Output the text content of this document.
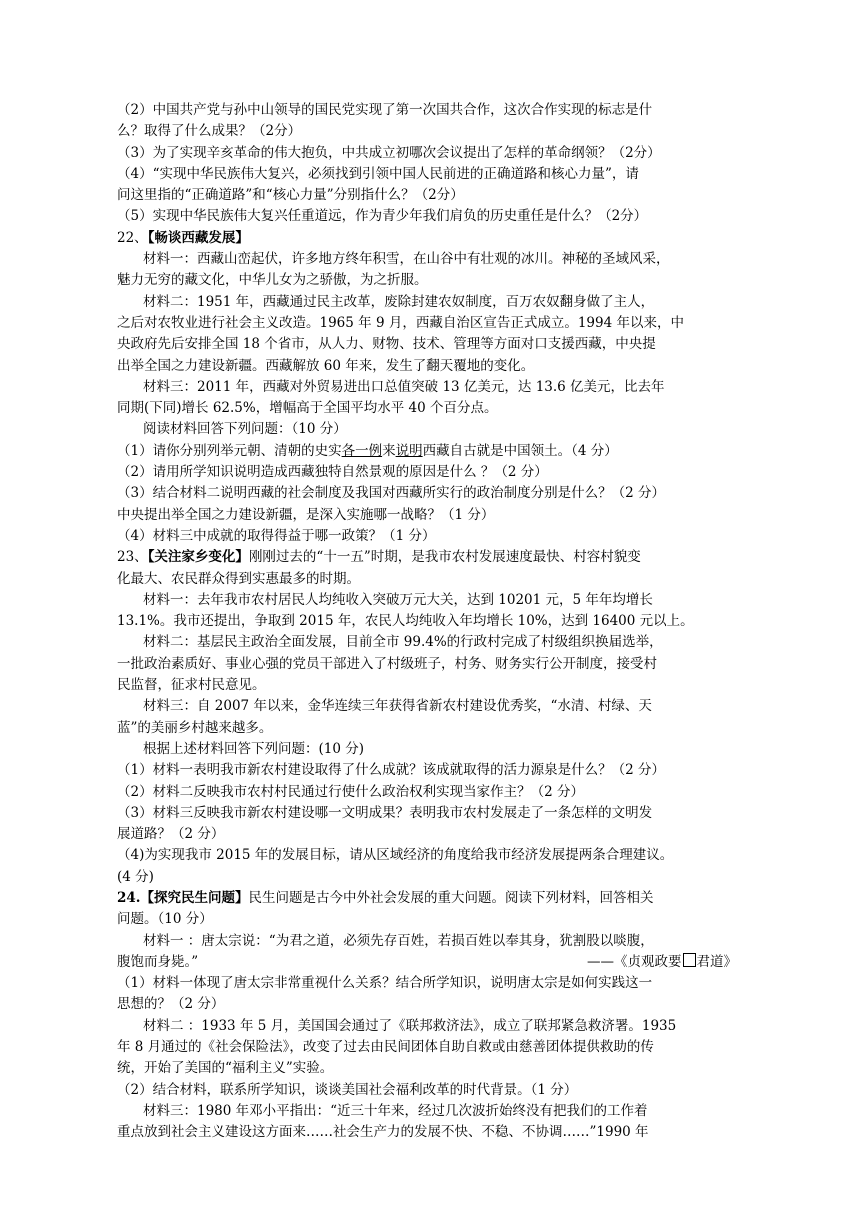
（2）中国共产党与孙中山领导的国民党实现了第一次国共合作，这次合作实现的标志是什
么？取得了什么成果？（2分）
（3）为了实现辛亥革命的伟大抱负，中共成立初哪次会议提出了怎样的革命纲领？（2分）
（4）“实现中华民族伟大复兴，必须找到引领中国人民前进的正确道路和核心力量”，请
问这里指的“正确道路”和“核心力量”分别指什么？（2分）
（5）实现中华民族伟大复兴任重道远，作为青少年我们肩负的历史重任是什么？（2分）
22、【畅谈西藏发展】
材料一：西藏山峦起伏，许多地方终年积雪，在山谷中有壮观的冰川。神秘的圣域风采，
魅力无穷的藏文化，中华儿女为之骄傲，为之折服。
材料二：1951 年，西藏通过民主改革，废除封建农奴制度，百万农奴翻身做了主人，
之后对农牧业进行社会主义改造。1965 年 9 月，西藏自治区宣告正式成立。1994 年以来，中
央政府先后安排全国 18 个省市，从人力、财物、技术、管理等方面对口支援西藏，中央提
出举全国之力建设新疆。西藏解放 60 年来，发生了翻天覆地的变化。
材料三：2011 年，西藏对外贸易进出口总值突破 13 亿美元，达 13.6 亿美元，比去年
同期(下同)增长 62.5%，增幅高于全国平均水平 40 个百分点。
阅读材料回答下列问题：（10 分）
（1）请你分别列举元朝、清朝的史实各一例来说明西藏自古就是中国领土。（4 分）
（2）请用所学知识说明造成西藏独特自然景观的原因是什么 ？（2 分）
（3）结合材料二说明西藏的社会制度及我国对西藏所实行的政治制度分别是什么？（2 分）
中央提出举全国之力建设新疆，是深入实施哪一战略？（1 分）
（4）材料三中成就的取得得益于哪一政策？（1 分）
23、【关注家乡变化】刚刚过去的“十一五”时期，是我市农村发展速度最快、村容村貌变
化最大、农民群众得到实惠最多的时期。
材料一：去年我市农村居民人均纯收入突破万元大关，达到 10201 元，5 年年均增长
13.1%。我市还提出，争取到 2015 年，农民人均纯收入年均增长 10%，达到 16400 元以上。
材料二：基层民主政治全面发展，目前全市 99.4%的行政村完成了村级组织换届选举，
一批政治素质好、事业心强的党员干部进入了村级班子，村务、财务实行公开制度，接受村
民监督，征求村民意见。
材料三：自 2007 年以来，金华连续三年获得省新农村建设优秀奖，“水清、村绿、天
蓝”的美丽乡村越来越多。
根据上述材料回答下列问题：(10 分)
（1）材料一表明我市新农村建设取得了什么成就？该成就取得的活力源泉是什么？（2 分）
（2）材料二反映我市农村村民通过行使什么政治权利实现当家作主？（2 分）
（3）材料三反映我市新农村建设哪一文明成果？表明我市农村发展走了一条怎样的文明发
展道路？（2 分）
（4)为实现我市 2015 年的发展目标，请从区域经济的角度给我市经济发展提两条合理建议。
(4 分)
24.【探究民生问题】民生问题是古今中外社会发展的重大问题。阅读下列材料，回答相关
问题。（10 分）
材料一 ：唐太宗说：“为君之道，必须先存百姓，若损百姓以奉其身，犹割股以啖腹，
腹饱而身毙。”	——《贞观政要 君道》
（1）材料一体现了唐太宗非常重视什么关系？结合所学知识，说明唐太宗是如何实践这一
思想的？（2 分）
材料二 ：1933 年 5 月，美国国会通过了《联邦救济法》，成立了联邦紧急救济署。1935
年 8 月通过的《社会保险法》，改变了过去由民间团体自助自救或由慈善团体提供救助的传
统，开始了美国的“福利主义”实验。
（2）结合材料，联系所学知识，谈谈美国社会福利改革的时代背景。（1 分）
材料三：1980 年邓小平指出：“近三十年来，经过几次波折始终没有把我们的工作着
重点放到社会主义建设这方面来……社会生产力的发展不快、不稳、不协调……”1990 年
